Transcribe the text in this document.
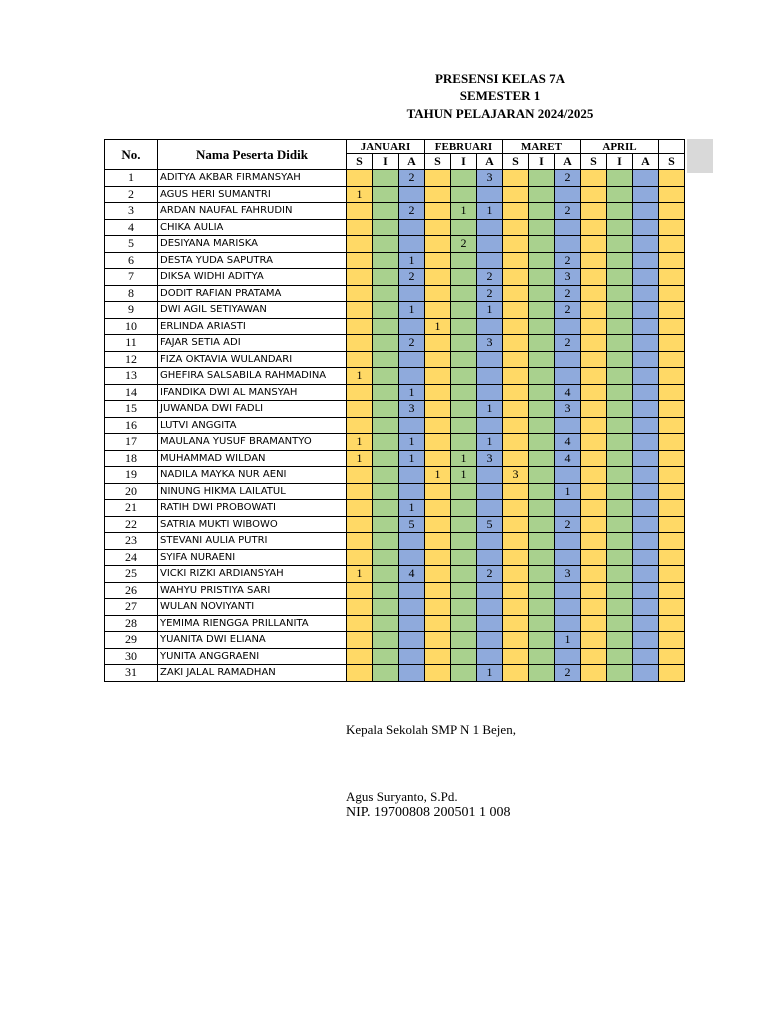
PRESENSI KELAS 7A
SEMESTER 1
TAHUN PELAJARAN 2024/2025
No.	Nama Peserta Didik	JANUARI			FEBRUARI			MARET			APRIL			
		S	I	A	S	I	A	S	I	A	S	I	A	S
1	ADITYA AKBAR FIRMANSYAH			2			3			2				
2	AGUS HERI SUMANTRI	1												
3	ARDAN NAUFAL FAHRUDIN			2		1	1			2				
4	CHIKA AULIA													
5	DESIYANA MARISKA					2								
6	DESTA YUDA SAPUTRA			1						2				
7	DIKSA WIDHI ADITYA			2			2			3				
8	DODIT RAFIAN PRATAMA						2			2				
9	DWI AGIL SETIYAWAN			1			1			2				
10	ERLINDA ARIASTI				1									
11	FAJAR SETIA ADI			2			3			2				
12	FIZA OKTAVIA WULANDARI													
13	GHEFIRA SALSABILA RAHMADINA	1												
14	IFANDIKA DWI AL MANSYAH			1						4				
15	JUWANDA DWI FADLI			3			1			3				
16	LUTVI ANGGITA													
17	MAULANA YUSUF BRAMANTYO	1		1			1			4				
18	MUHAMMAD WILDAN	1		1		1	3			4				
19	NADILA MAYKA NUR AENI				1	1		3						
20	NINUNG HIKMA LAILATUL									1				
21	RATIH DWI PROBOWATI			1										
22	SATRIA MUKTI WIBOWO			5			5			2				
23	STEVANI AULIA PUTRI													
24	SYIFA NURAENI													
25	VICKI RIZKI ARDIANSYAH	1		4			2			3				
26	WAHYU PRISTIYA SARI													
27	WULAN NOVIYANTI													
28	YEMIMA RIENGGA PRILLANITA													
29	YUANITA DWI ELIANA									1				
30	YUNITA ANGGRAENI													
31	ZAKI JALAL RAMADHAN						1			2				
Kepala Sekolah SMP N 1 Bejen,
Agus Suryanto, S.Pd.
NIP. 19700808 200501 1 008
